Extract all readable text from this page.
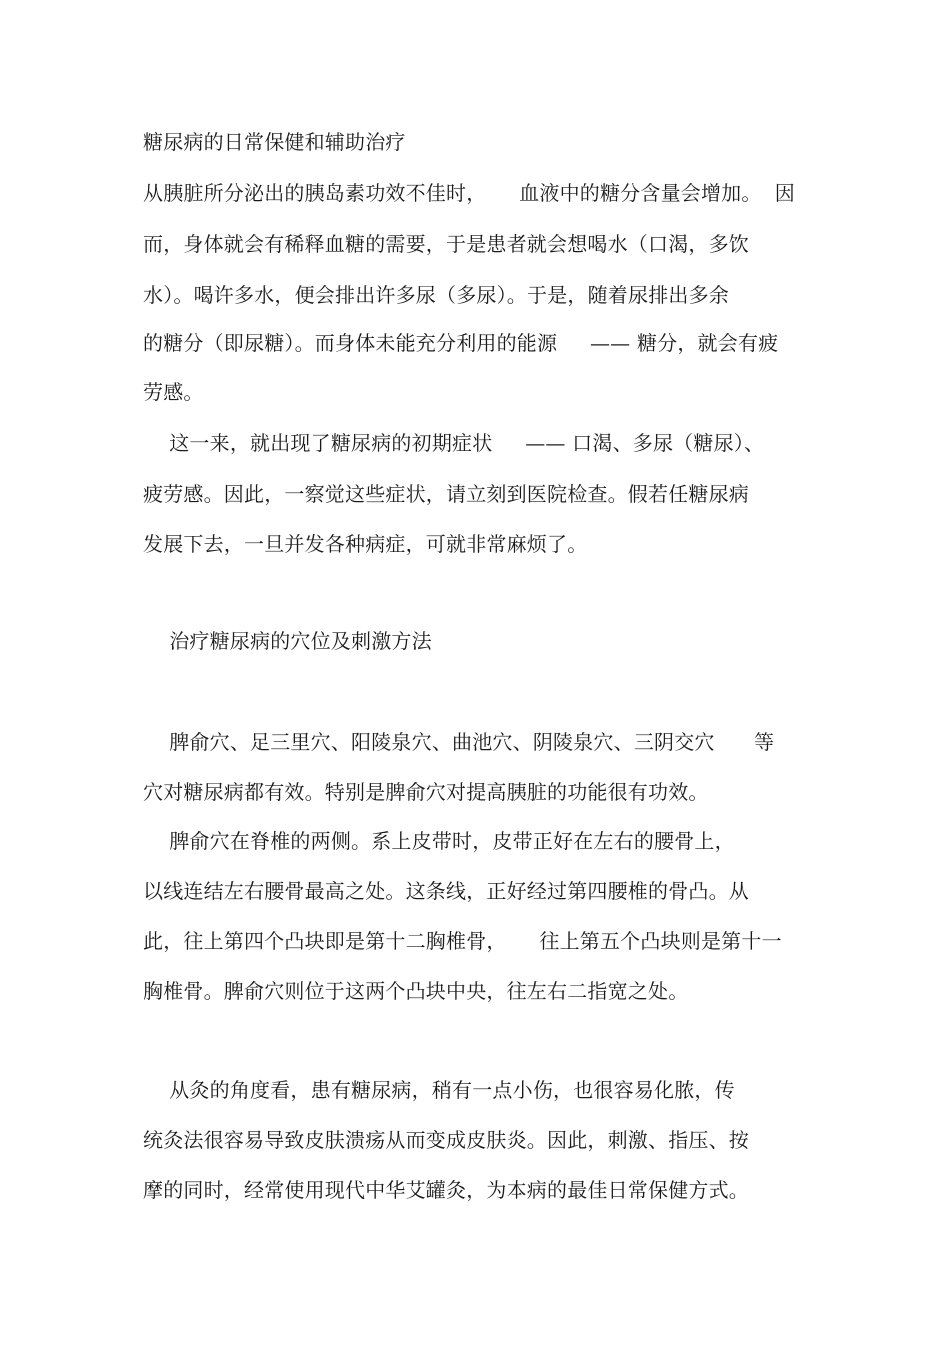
糖尿病的日常保健和辅助治疗
从胰脏所分泌出的胰岛素功效不佳时，     血液中的糖分含量会增加。  因
而，身体就会有稀释血糖的需要，于是患者就会想喝水（口渴，多饮
水）。喝许多水，便会排出许多尿（多尿）。于是，随着尿排出多余
的糖分（即尿糖）。而身体未能充分利用的能源     —— 糖分，就会有疲
劳感。
这一来，就出现了糖尿病的初期症状     —— 口渴、多尿（糖尿）、
疲劳感。因此，一察觉这些症状，请立刻到医院检查。假若任糖尿病
发展下去，一旦并发各种病症，可就非常麻烦了。
治疗糖尿病的穴位及刺激方法
脾俞穴、足三里穴、阳陵泉穴、曲池穴、阴陵泉穴、三阴交穴      等
穴对糖尿病都有效。特别是脾俞穴对提高胰脏的功能很有功效。
脾俞穴在脊椎的两侧。系上皮带时，皮带正好在左右的腰骨上，
以线连结左右腰骨最高之处。这条线，正好经过第四腰椎的骨凸。从
此，往上第四个凸块即是第十二胸椎骨，     往上第五个凸块则是第十一
胸椎骨。脾俞穴则位于这两个凸块中央，往左右二指宽之处。
从灸的角度看，患有糖尿病，稍有一点小伤，也很容易化脓，传
统灸法很容易导致皮肤溃疡从而变成皮肤炎。因此，刺激、指压、按
摩的同时，经常使用现代中华艾罐灸，为本病的最佳日常保健方式。
